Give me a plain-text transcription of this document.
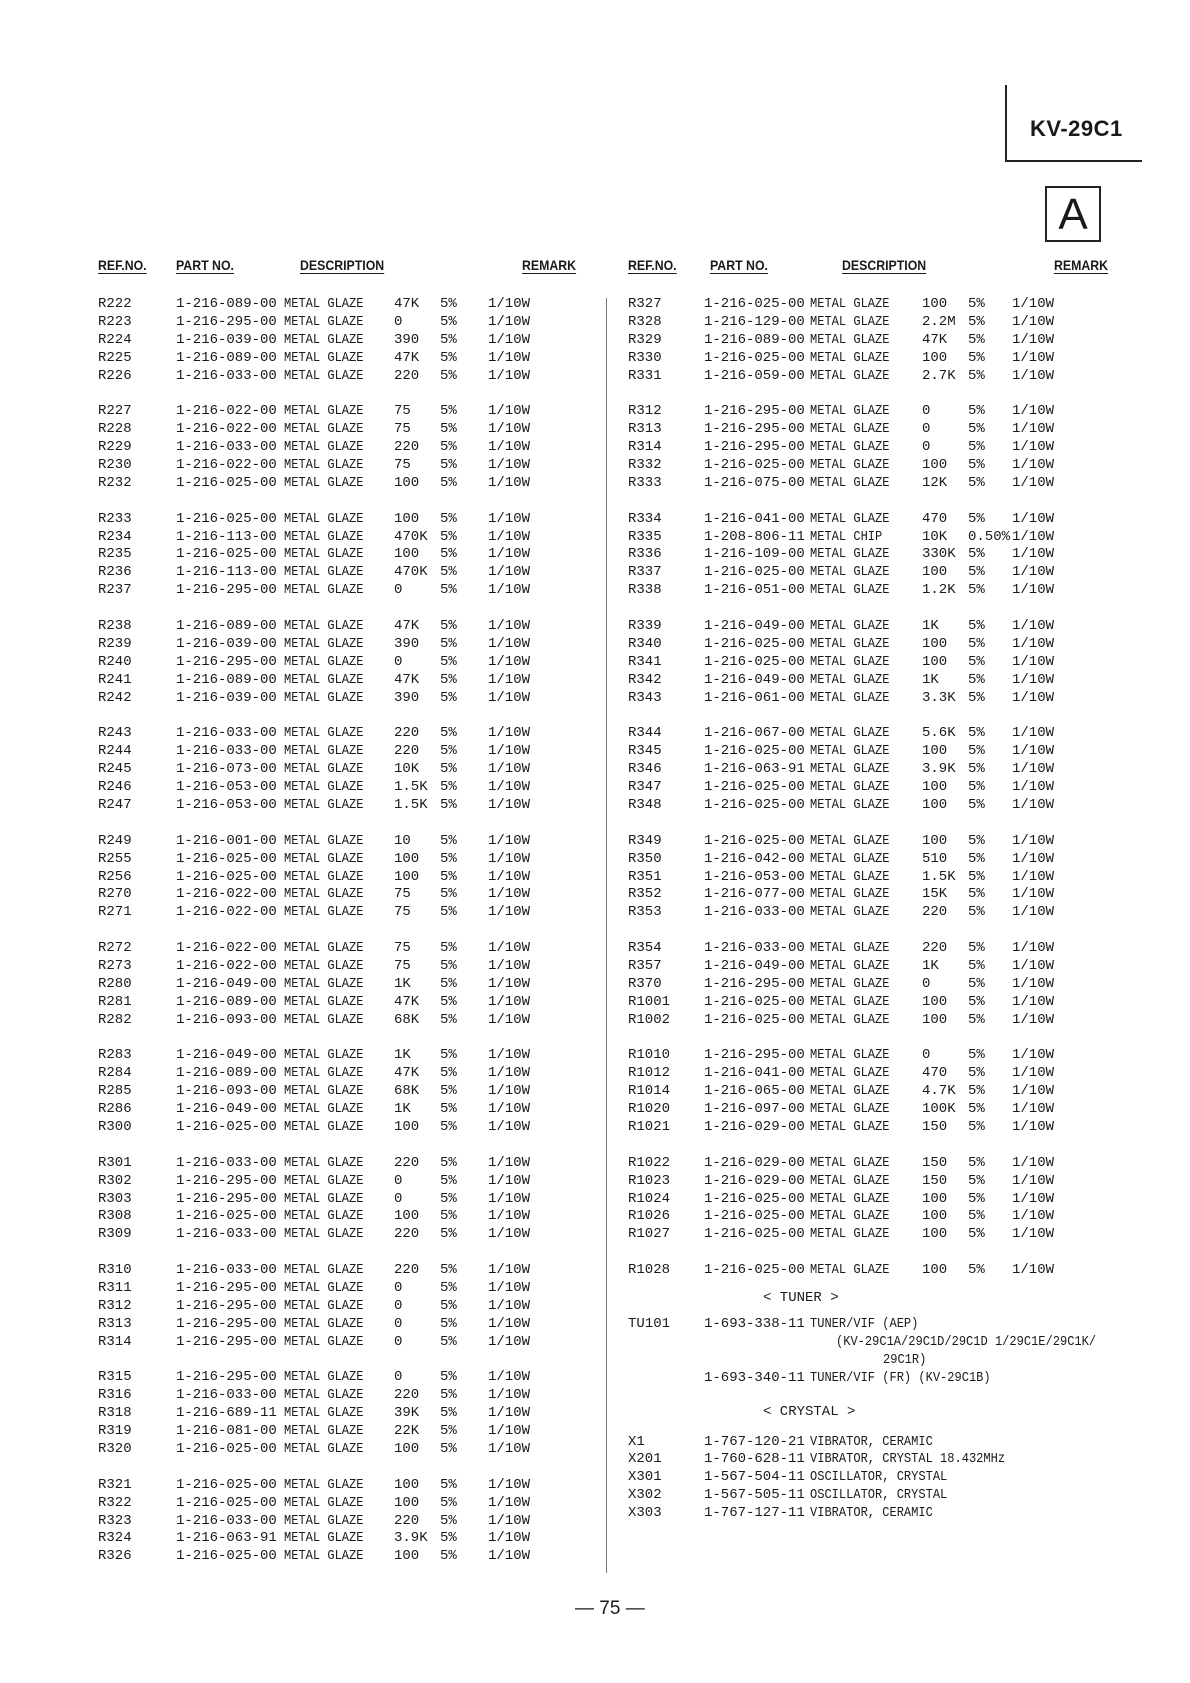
KV-29C1
A
REF.NO. PART NO.	DESCRIPTION	REMARK	REF.NO. PART NO.	DESCRIPTION	REMARK
R222	1-216-089-00 METAL GLAZE 47K 5% 1/10W
R223	1-216-295-00 METAL GLAZE 0	5% 1/10W
R224	1-216-039-00 METAL GLAZE 390 5% 1/10W
R225	1-216-089-00 METAL GLAZE 47K 5% 1/10W
R226	1-216-033-00 METAL GLAZE 220 5% 1/10W
R227	1-216-022-00 METAL GLAZE 75 5% 1/10W
R228	1-216-022-00 METAL GLAZE 75 5% 1/10W
R229	1-216-033-00 METAL GLAZE 220 5% 1/10W
R230	1-216-022-00 METAL GLAZE 75 5% 1/10W
R232	1-216-025-00 METAL GLAZE 100 5% 1/10W
R233	1-216-025-00 METAL GLAZE 100 5% 1/10W
R234	1-216-113-00 METAL GLAZE 470K 5% 1/10W
R235	1-216-025-00 METAL GLAZE 100 5% 1/10W
R236	1-216-113-00 METAL GLAZE 470K 5% 1/10W
R237	1-216-295-00 METAL GLAZE 0	5% 1/10W
R238	1-216-089-00 METAL GLAZE 47K 5% 1/10W
R239	1-216-039-00 METAL GLAZE 390 5% 1/10W
R240	1-216-295-00 METAL GLAZE 0	5% 1/10W
R241	1-216-089-00 METAL GLAZE 47K 5% 1/10W
R242	1-216-039-00 METAL GLAZE 390 5% 1/10W
R243	1-216-033-00 METAL GLAZE 220 5% 1/10W
R244	1-216-033-00 METAL GLAZE 220 5% 1/10W
R245	1-216-073-00 METAL GLAZE 10K 5% 1/10W
R246	1-216-053-00 METAL GLAZE 1.5K 5% 1/10W
R247	1-216-053-00 METAL GLAZE 1.5K 5% 1/10W
R249	1-216-001-00 METAL GLAZE 10 5% 1/10W
R255	1-216-025-00 METAL GLAZE 100 5% 1/10W
R256	1-216-025-00 METAL GLAZE 100 5% 1/10W
R270	1-216-022-00 METAL GLAZE 75 5% 1/10W
R271	1-216-022-00 METAL GLAZE 75 5% 1/10W
R272	1-216-022-00 METAL GLAZE 75 5% 1/10W
R273	1-216-022-00 METAL GLAZE 75 5% 1/10W
R280	1-216-049-00 METAL GLAZE 1K 5% 1/10W
R281	1-216-089-00 METAL GLAZE 47K 5% 1/10W
R282	1-216-093-00 METAL GLAZE 68K 5% 1/10W
R283	1-216-049-00 METAL GLAZE 1K 5% 1/10W
R284	1-216-089-00 METAL GLAZE 47K 5% 1/10W
R285	1-216-093-00 METAL GLAZE 68K 5% 1/10W
R286	1-216-049-00 METAL GLAZE 1K 5% 1/10W
R300	1-216-025-00 METAL GLAZE 100 5% 1/10W
R301	1-216-033-00 METAL GLAZE 220 5% 1/10W
R302	1-216-295-00 METAL GLAZE 0	5% 1/10W
R303	1-216-295-00 METAL GLAZE 0	5% 1/10W
R308	1-216-025-00 METAL GLAZE 100 5% 1/10W
R309	1-216-033-00 METAL GLAZE 220 5% 1/10W
R310	1-216-033-00 METAL GLAZE 220 5% 1/10W
R311	1-216-295-00 METAL GLAZE 0	5% 1/10W
R312	1-216-295-00 METAL GLAZE 0	5% 1/10W
R313	1-216-295-00 METAL GLAZE 0	5% 1/10W
R314	1-216-295-00 METAL GLAZE 0	5% 1/10W
R315	1-216-295-00 METAL GLAZE 0	5% 1/10W
R316	1-216-033-00 METAL GLAZE 220 5% 1/10W
R318	1-216-689-11 METAL GLAZE 39K 5% 1/10W
R319	1-216-081-00 METAL GLAZE 22K 5% 1/10W
R320	1-216-025-00 METAL GLAZE 100 5% 1/10W
R321	1-216-025-00 METAL GLAZE 100 5% 1/10W
R322	1-216-025-00 METAL GLAZE 100 5% 1/10W
R323	1-216-033-00 METAL GLAZE 220 5% 1/10W
R324	1-216-063-91 METAL GLAZE 3.9K 5% 1/10W
R326	1-216-025-00 METAL GLAZE 100 5% 1/10W
R327	1-216-025-00 METAL GLAZE 100 5% 1/10W
R328	1-216-129-00 METAL GLAZE 2.2M 5% 1/10W
R329	1-216-089-00 METAL GLAZE 47K 5% 1/10W
R330	1-216-025-00 METAL GLAZE 100 5% 1/10W
R331	1-216-059-00 METAL GLAZE 2.7K 5% 1/10W
R312	1-216-295-00 METAL GLAZE 0	5% 1/10W
R313	1-216-295-00 METAL GLAZE 0	5% 1/10W
R314	1-216-295-00 METAL GLAZE 0	5% 1/10W
R332	1-216-025-00 METAL GLAZE 100 5% 1/10W
R333	1-216-075-00 METAL GLAZE 12K 5% 1/10W
R334	1-216-041-00 METAL GLAZE 470 5% 1/10W
R335	1-208-806-11 METAL CHIP	10K 0.50% 1/10W
R336	1-216-109-00 METAL GLAZE 330K 5% 1/10W
R337	1-216-025-00 METAL GLAZE 100 5% 1/10W
R338	1-216-051-00 METAL GLAZE 1.2K 5% 1/10W
R339	1-216-049-00 METAL GLAZE 1K 5% 1/10W
R340	1-216-025-00 METAL GLAZE 100 5% 1/10W
R341	1-216-025-00 METAL GLAZE 100 5% 1/10W
R342	1-216-049-00 METAL GLAZE 1K 5% 1/10W
R343	1-216-061-00 METAL GLAZE 3.3K 5% 1/10W
R344	1-216-067-00 METAL GLAZE 5.6K 5% 1/10W
R345	1-216-025-00 METAL GLAZE 100 5% 1/10W
R346	1-216-063-91 METAL GLAZE 3.9K 5% 1/10W
R347	1-216-025-00 METAL GLAZE 100 5% 1/10W
R348	1-216-025-00 METAL GLAZE 100 5% 1/10W
R349	1-216-025-00 METAL GLAZE 100 5% 1/10W
R350	1-216-042-00 METAL GLAZE 510 5% 1/10W
R351	1-216-053-00 METAL GLAZE 1.5K 5% 1/10W
R352	1-216-077-00 METAL GLAZE 15K 5% 1/10W
R353	1-216-033-00 METAL GLAZE 220 5% 1/10W
R354	1-216-033-00 METAL GLAZE 220 5% 1/10W
R357	1-216-049-00 METAL GLAZE 1K 5% 1/10W
R370	1-216-295-00 METAL GLAZE 0	5% 1/10W
R1001 1-216-025-00 METAL GLAZE 100 5% 1/10W
R1002 1-216-025-00 METAL GLAZE 100 5% 1/10W
R1010 1-216-295-00 METAL GLAZE 0	5% 1/10W
R1012 1-216-041-00 METAL GLAZE 470 5% 1/10W
R1014 1-216-065-00 METAL GLAZE 4.7K 5% 1/10W
R1020 1-216-097-00 METAL GLAZE 100K 5% 1/10W
R1021 1-216-029-00 METAL GLAZE 150 5% 1/10W
R1022 1-216-029-00 METAL GLAZE 150 5% 1/10W
R1023 1-216-029-00 METAL GLAZE 150 5% 1/10W
R1024 1-216-025-00 METAL GLAZE 100 5% 1/10W
R1026 1-216-025-00 METAL GLAZE 100 5% 1/10W
R1027 1-216-025-00 METAL GLAZE 100 5% 1/10W
R1028 1-216-025-00 METAL GLAZE 100 5% 1/10W
< TUNER >
TU101 1-693-338-11 TUNER/VIF (AEP)
(KV-29C1A/29C1D/29C1D 1/29C1E/29C1K/
29C1R)
1-693-340-11 TUNER/VIF (FR) (KV-29C1B)
< CRYSTAL >
X1	1-767-120-21 VIBRATOR, CERAMIC
X201	1-760-628-11 VIBRATOR, CRYSTAL 18.432MHz
X301	1-567-504-11 OSCILLATOR, CRYSTAL
X302	1-567-505-11 OSCILLATOR, CRYSTAL
X303	1-767-127-11 VIBRATOR, CERAMIC
— 75 —
